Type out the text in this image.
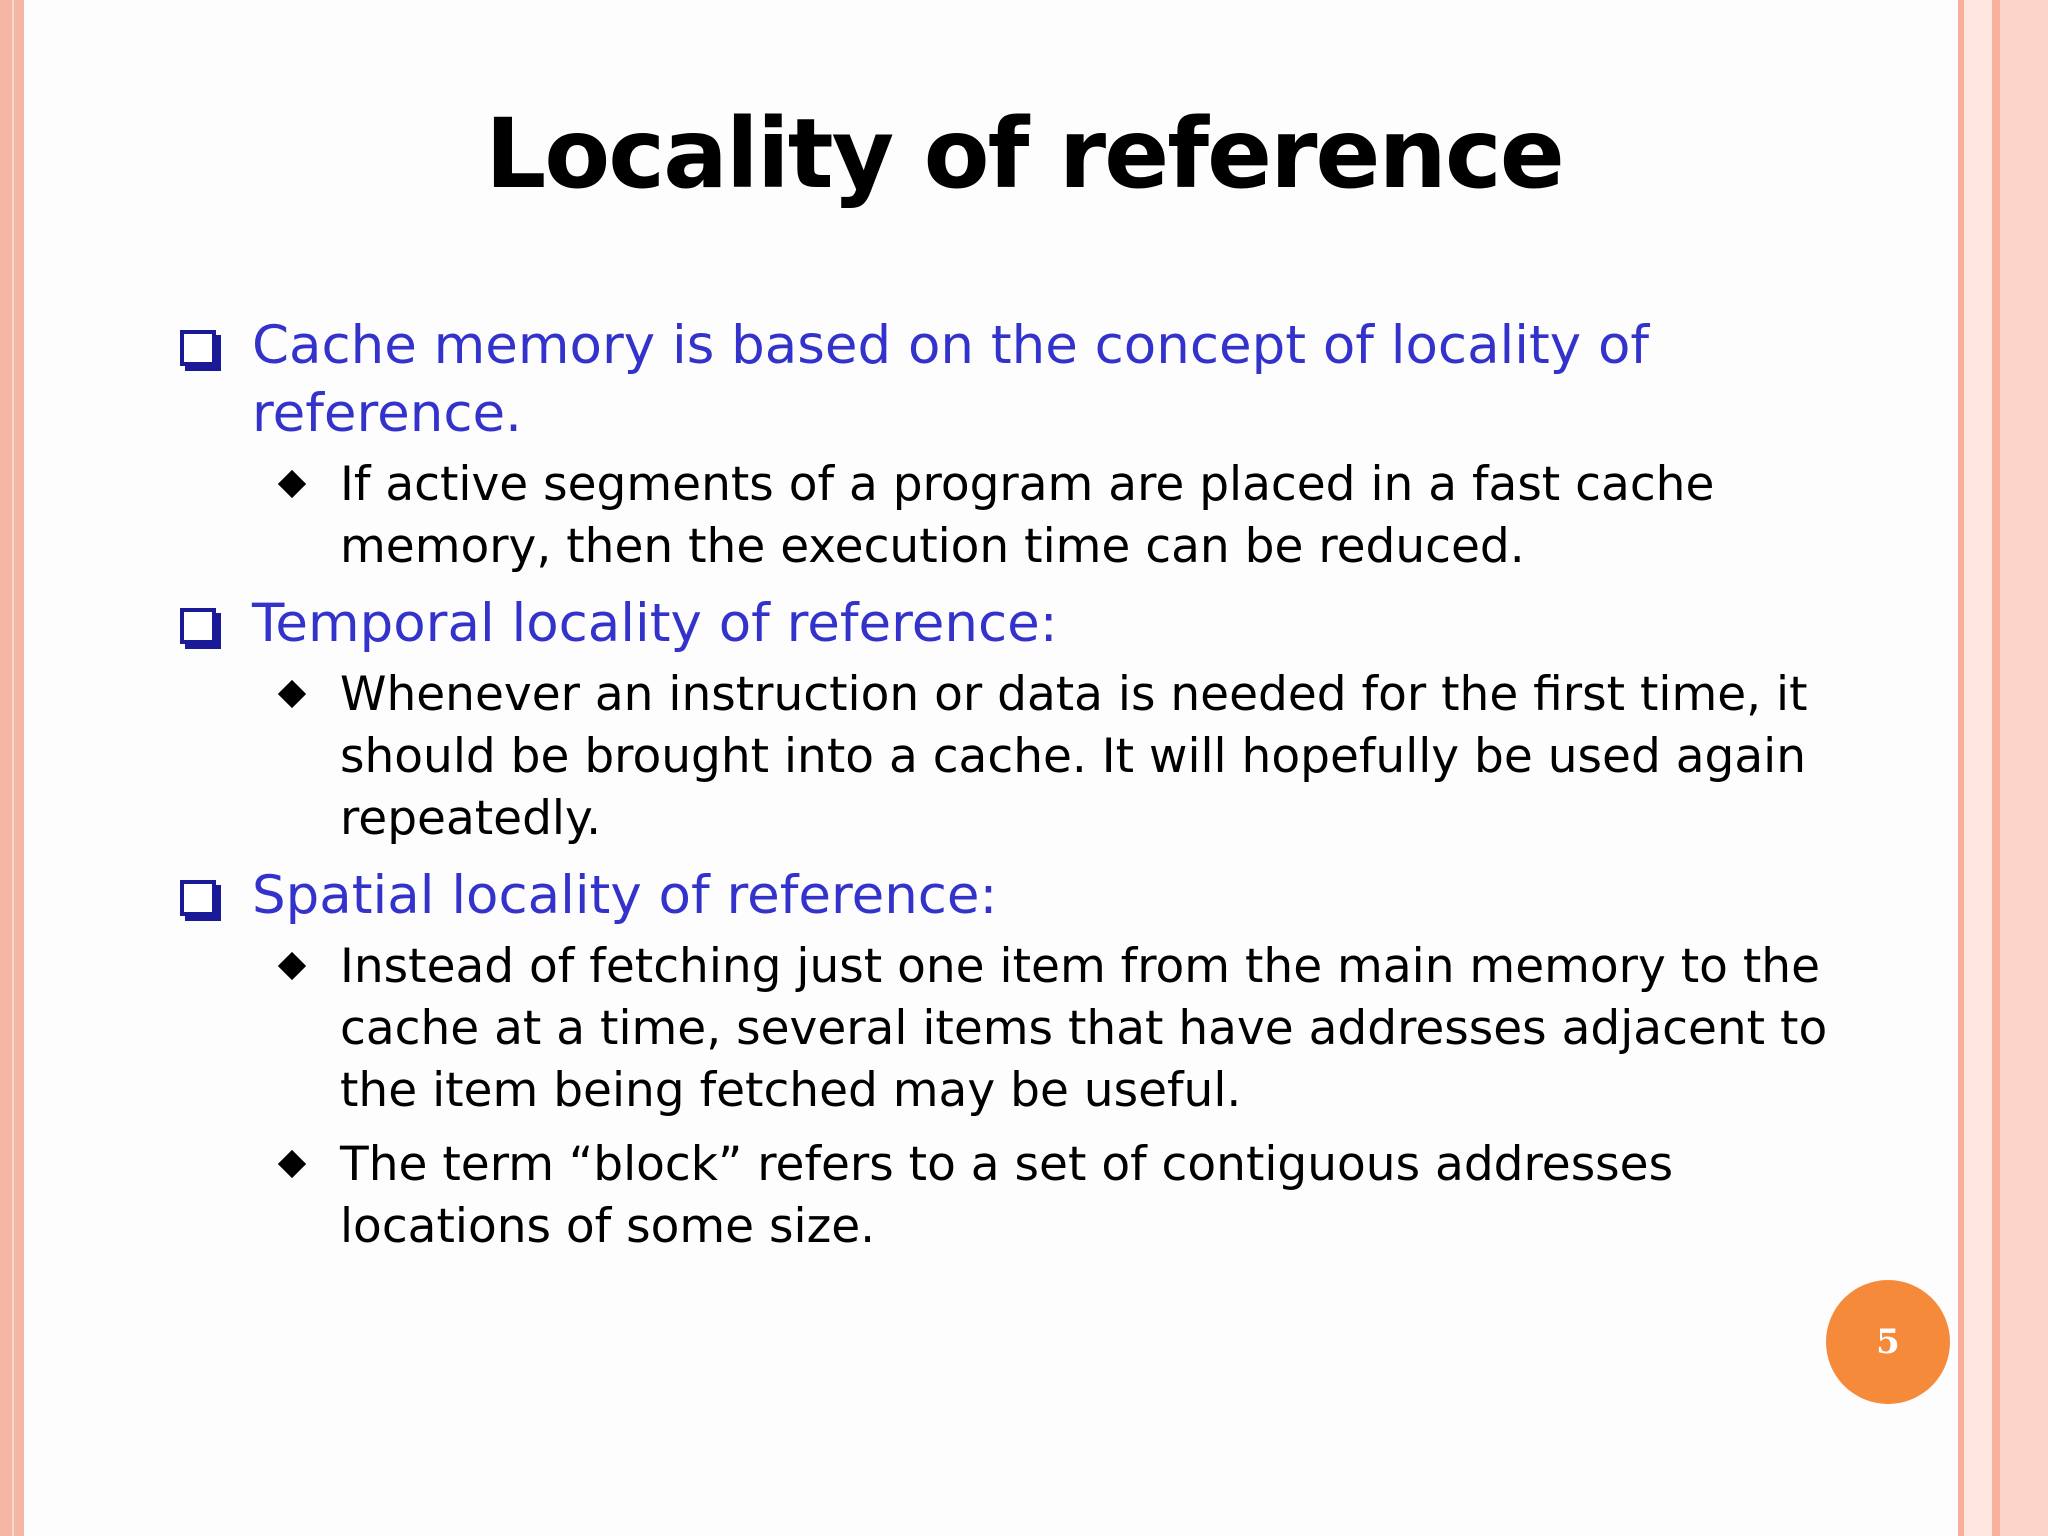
Locality of reference
Cache memory is based on the concept of locality of reference.
If active segments of a program are placed in a fast cache memory, then the execution time can be reduced.
Temporal locality of reference:
Whenever an instruction or data is needed for the first time, it should be brought into a cache. It will hopefully be used again repeatedly.
Spatial locality of reference:
Instead of fetching just one item from the main memory to the cache at a time, several items that have addresses adjacent to the item being fetched may be useful.
The term “block” refers to a set of contiguous addresses locations of some size.
5
